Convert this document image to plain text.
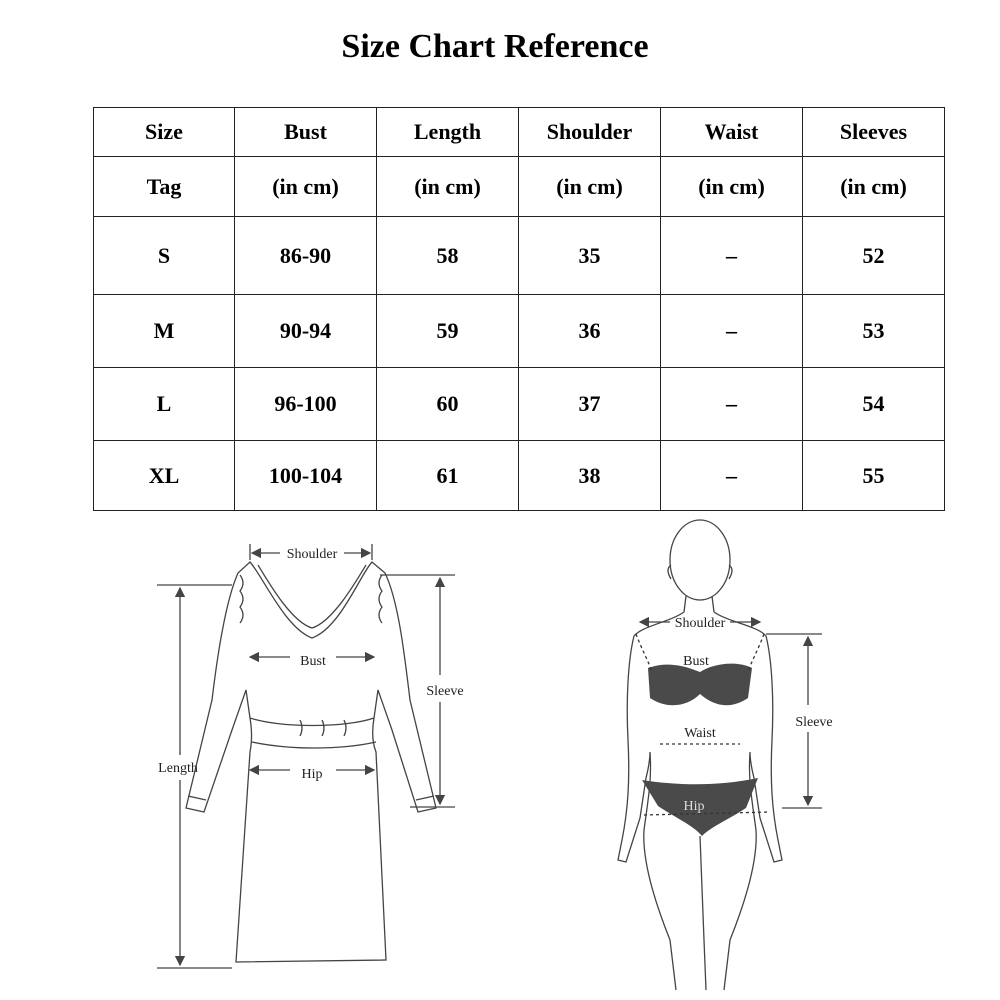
Size Chart Reference
Size	Bust	Length	Shoulder	Waist	Sleeves
Tag	(in cm)	(in cm)	(in cm)	(in cm)	(in cm)
S	86-90	58	35	–	52
M	90-94	59	36	–	53
L	96-100	60	37	–	54
XL	100-104	61	38	–	55
Shoulder
Bust
Hip
Length
Sleeve
Shoulder
Bust
Waist
Hip
Sleeve
